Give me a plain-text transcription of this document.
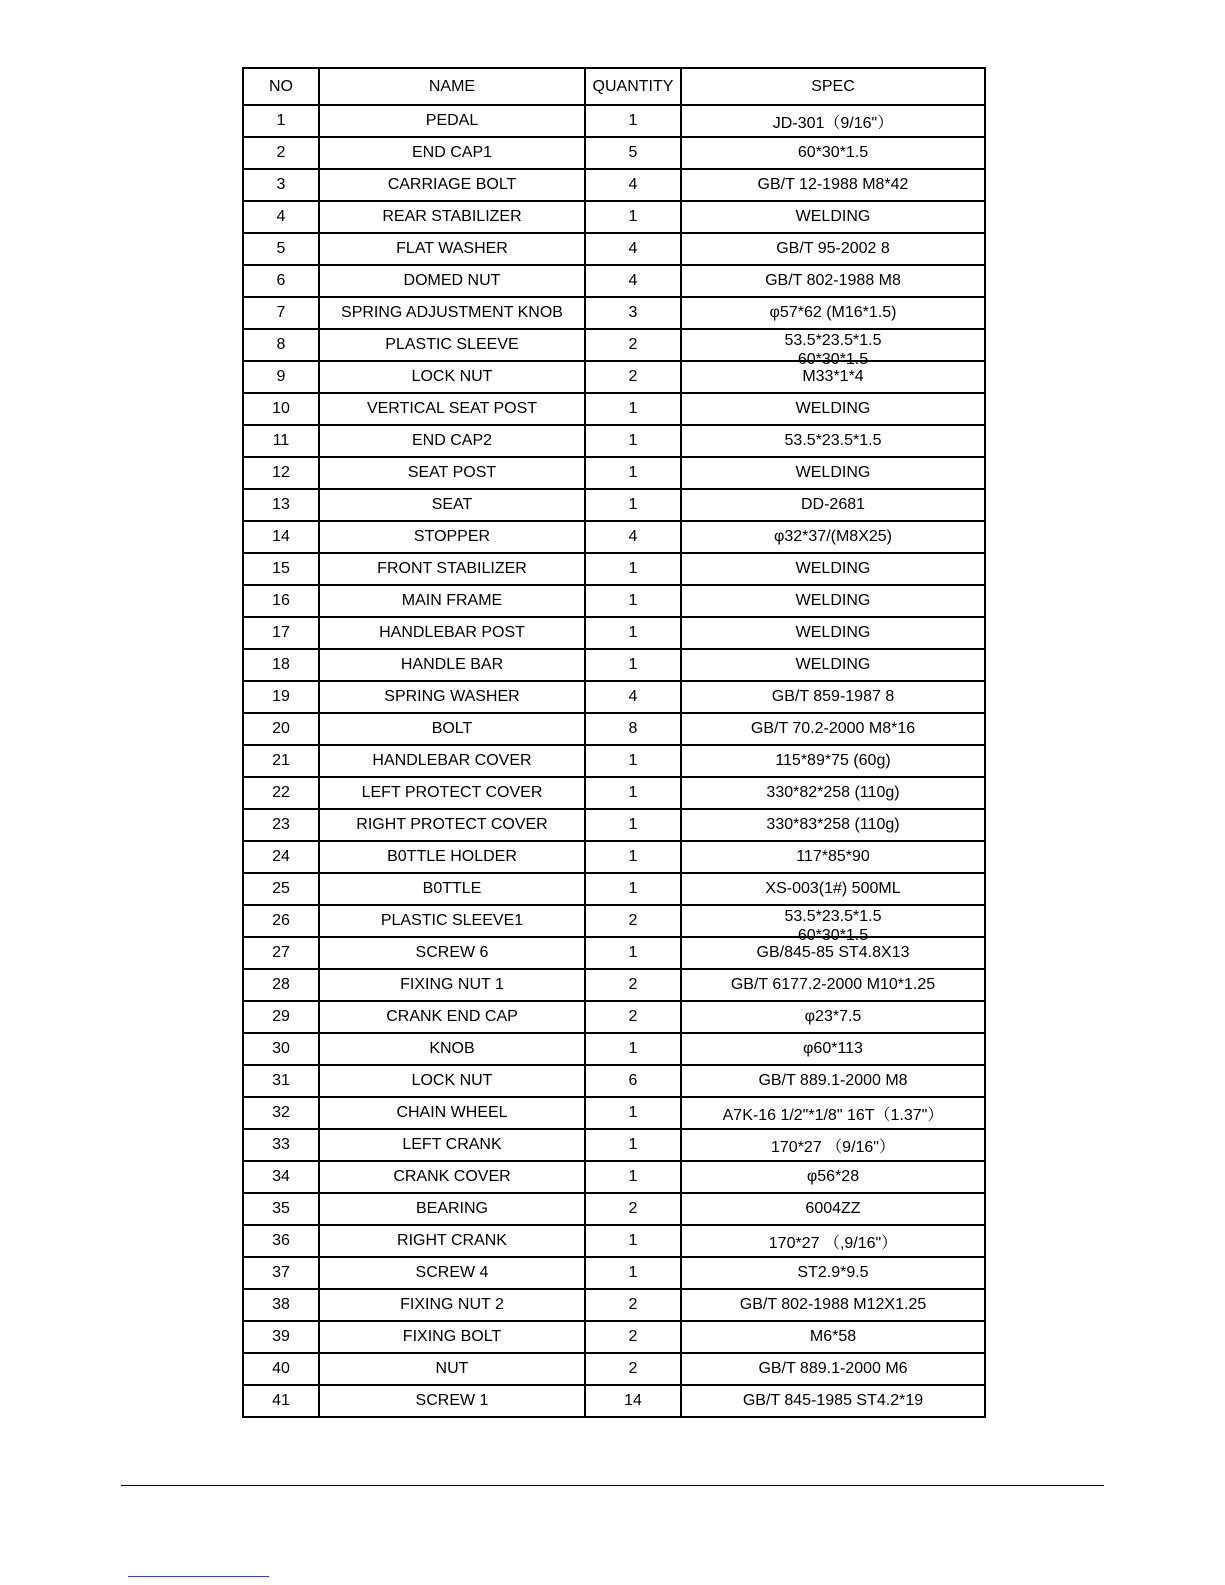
NO	NAME	QUANTITY	SPEC
1	PEDAL	1	JD-301（9/16"）
2	END CAP1	5	60*30*1.5
3	CARRIAGE BOLT	4	GB/T 12-1988 M8*42
4	REAR STABILIZER	1	WELDING
5	FLAT WASHER	4	GB/T 95-2002 8
6	DOMED NUT	4	GB/T 802-1988 M8
7	SPRING ADJUSTMENT KNOB	3	φ57*62 (M16*1.5)
8	PLASTIC SLEEVE	2	53.5*23.5*1.5
60*30*1.5

9	LOCK NUT	2	M33*1*4
10	VERTICAL SEAT POST	1	WELDING
11	END CAP2	1	53.5*23.5*1.5
12	SEAT POST	1	WELDING
13	SEAT	1	DD-2681
14	STOPPER	4	φ32*37/(M8X25)
15	FRONT STABILIZER	1	WELDING
16	MAIN FRAME	1	WELDING
17	HANDLEBAR POST	1	WELDING
18	HANDLE BAR	1	WELDING
19	SPRING WASHER	4	GB/T 859-1987 8
20	BOLT	8	GB/T 70.2-2000 M8*16
21	HANDLEBAR COVER	1	115*89*75 (60g)
22	LEFT PROTECT COVER	1	330*82*258 (110g)
23	RIGHT PROTECT COVER	1	330*83*258 (110g)
24	B0TTLE HOLDER	1	117*85*90
25	B0TTLE	1	XS-003(1#) 500ML
26	PLASTIC SLEEVE1	2	53.5*23.5*1.5
60*30*1.5

27	SCREW 6	1	GB/845-85 ST4.8X13
28	FIXING NUT 1	2	GB/T 6177.2-2000 M10*1.25
29	CRANK END CAP	2	φ23*7.5
30	KNOB	1	φ60*113
31	LOCK NUT	6	GB/T 889.1-2000 M8
32	CHAIN WHEEL	1	A7K-16 1/2"*1/8" 16T（1.37"）
33	LEFT CRANK	1	170*27 （9/16"）
34	CRANK COVER	1	φ56*28
35	BEARING	2	6004ZZ
36	RIGHT CRANK	1	170*27 （,9/16"）
37	SCREW 4	1	ST2.9*9.5
38	FIXING NUT 2	2	GB/T 802-1988 M12X1.25
39	FIXING BOLT	2	M6*58
40	NUT	2	GB/T 889.1-2000 M6
41	SCREW 1	14	GB/T 845-1985 ST4.2*19
